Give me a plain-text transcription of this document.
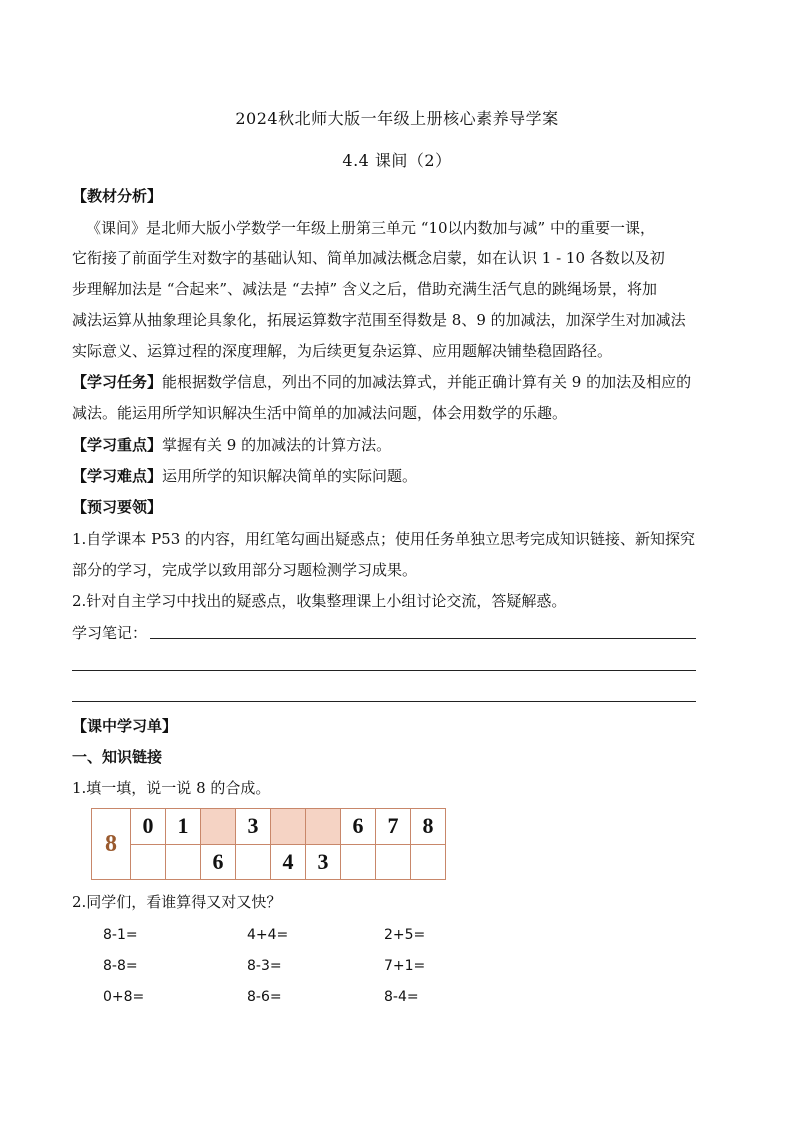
2024秋北师大版一年级上册核心素养导学案
4.4 课间（2）
【教材分析】
《课间》是北师大版小学数学一年级上册第三单元 “10以内数加与减” 中的重要一课，
它衔接了前面学生对数字的基础认知、简单加减法概念启蒙，如在认识 1 - 10 各数以及初
步理解加法是 “合起来”、减法是 “去掉” 含义之后，借助充满生活气息的跳绳场景，将加
减法运算从抽象理论具象化，拓展运算数字范围至得数是 8、9 的加减法，加深学生对加减法
实际意义、运算过程的深度理解，为后续更复杂运算、应用题解决铺垫稳固路径。
【学习任务】能根据数学信息，列出不同的加减法算式，并能正确计算有关 9 的加法及相应的
减法。能运用所学知识解决生活中简单的加减法问题，体会用数学的乐趣。
【学习重点】掌握有关 9 的加减法的计算方法。
【学习难点】运用所学的知识解决简单的实际问题。
【预习要领】
1.自学课本 P53 的内容，用红笔勾画出疑惑点；使用任务单独立思考完成知识链接、新知探究
部分的学习，完成学以致用部分习题检测学习成果。
2.针对自主学习中找出的疑惑点，收集整理课上小组讨论交流，答疑解惑。
学习笔记：
【课中学习单】
一、知识链接
1.填一填，说一说 8 的合成。
8	0	1		3			6	7	8
			6		4	3			
2.同学们，看谁算得又对又快？
8-1=	4+4=	2+5=
8-8=	8-3=	7+1=
0+8=	8-6=	8-4=
